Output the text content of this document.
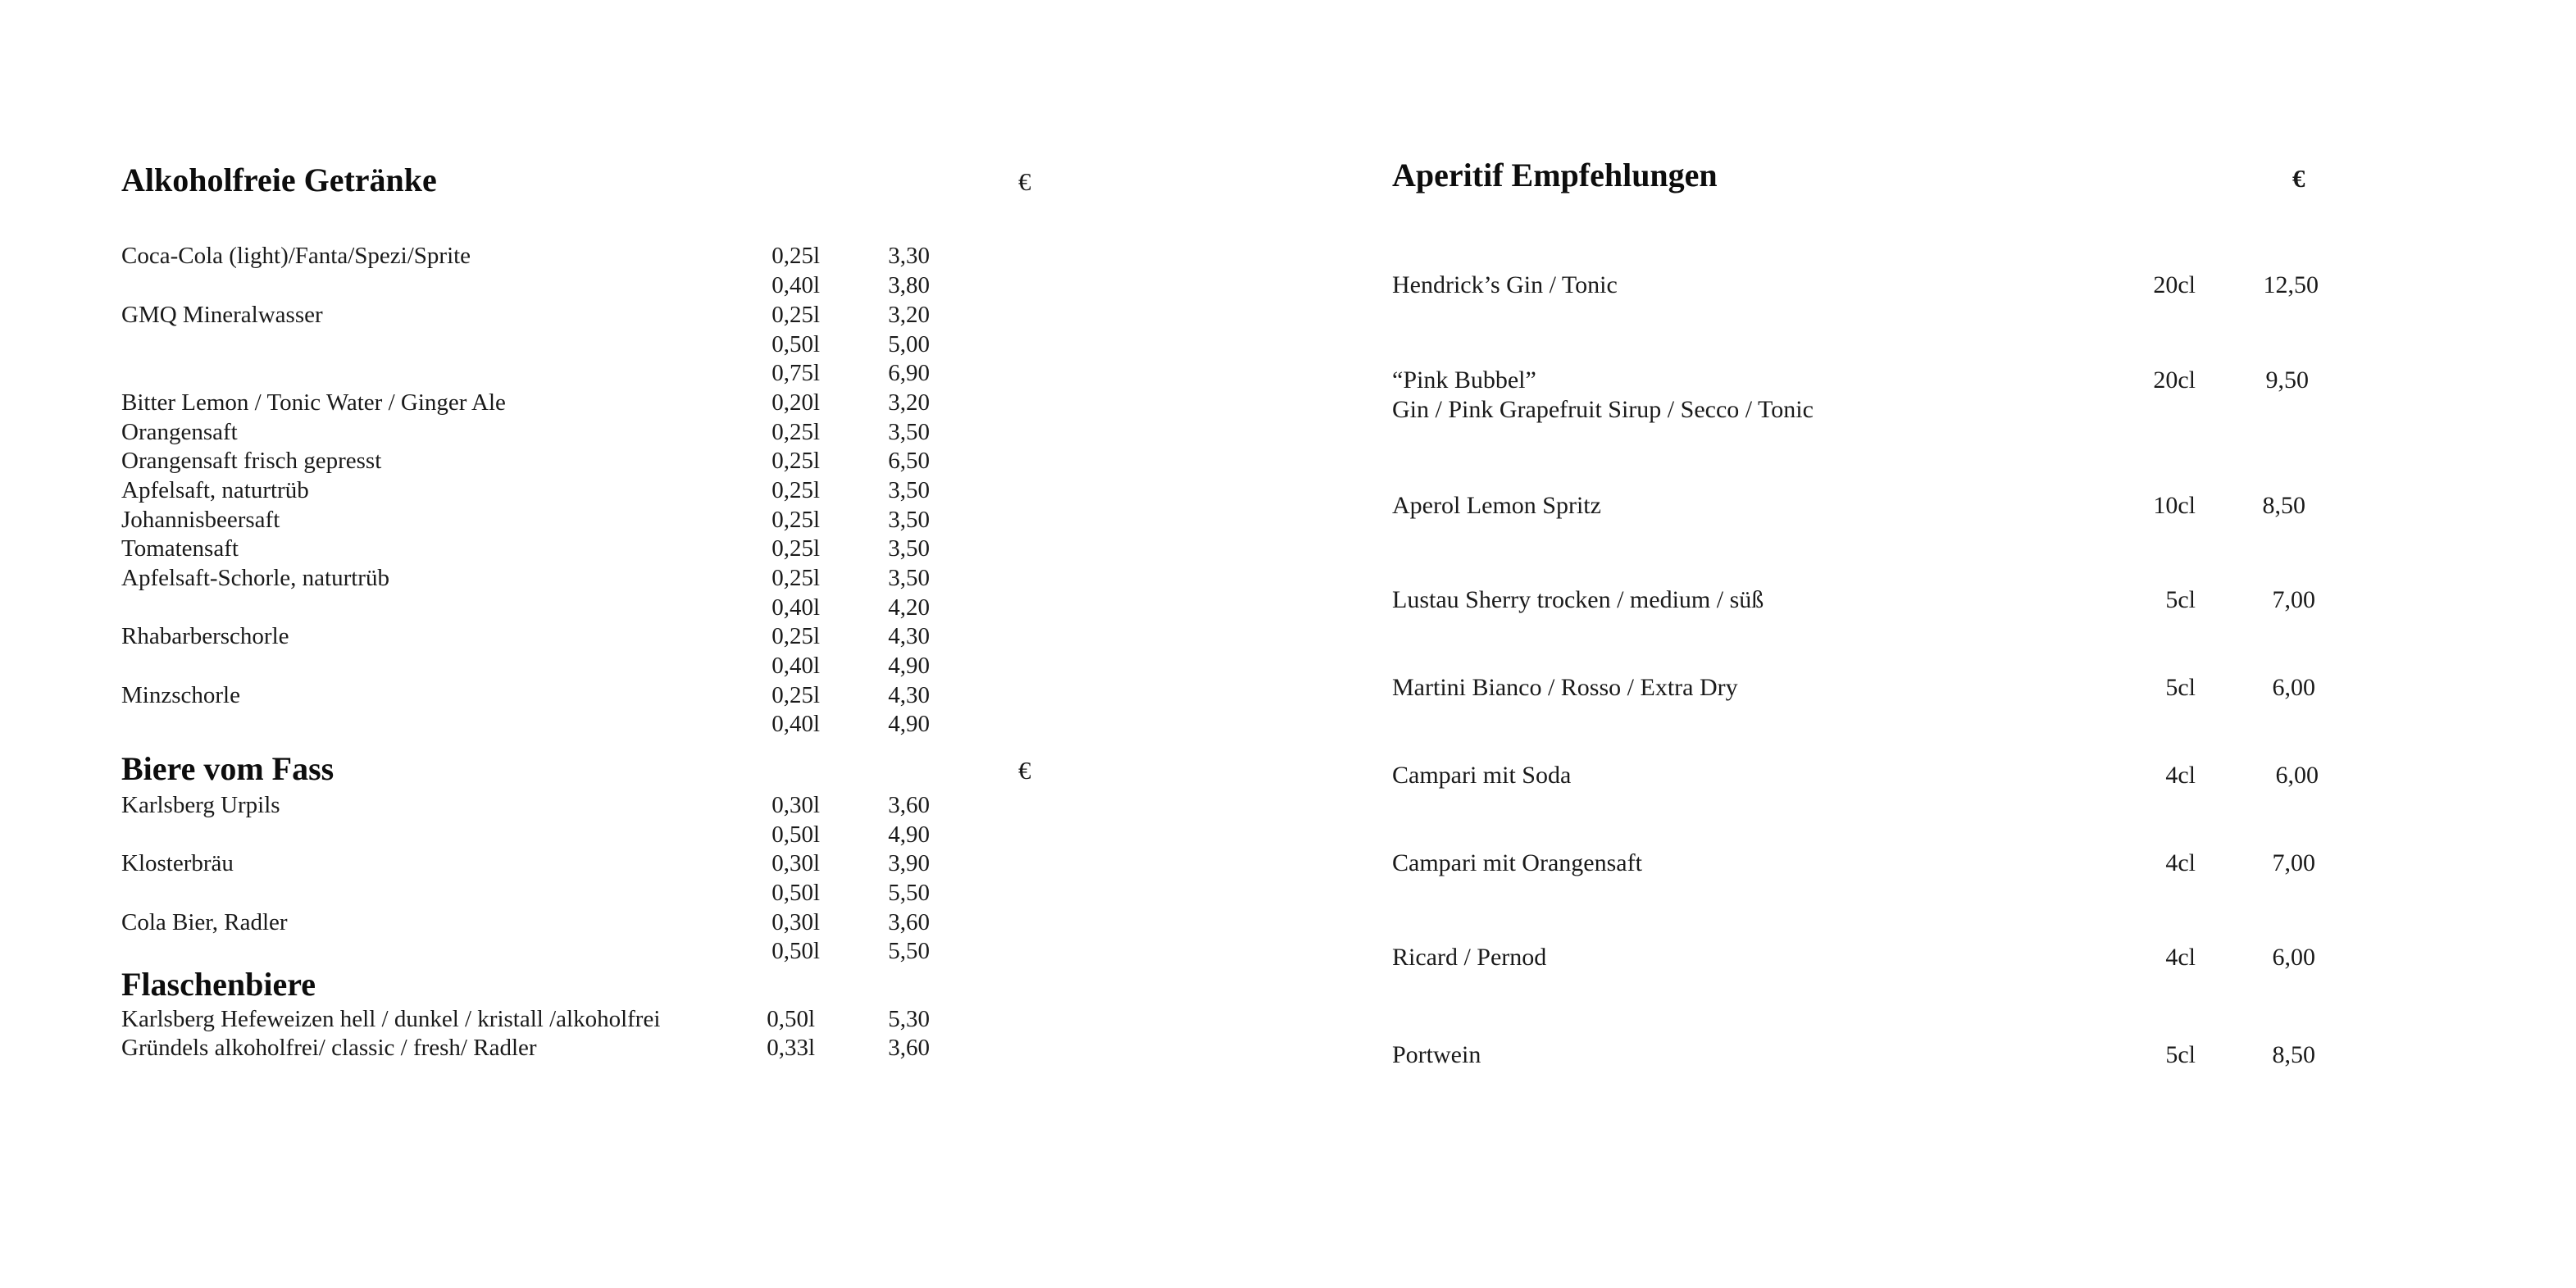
Alkoholfreie Getränke	€
Coca-Cola (light)/Fanta/Spezi/Sprite	0,25l	3,30
0,40l	3,80
GMQ Mineralwasser	0,25l	3,20
0,50l	5,00
0,75l	6,90
Bitter Lemon / Tonic Water / Ginger Ale	0,20l	3,20
Orangensaft	0,25l	3,50
Orangensaft frisch gepresst	0,25l	6,50
Apfelsaft, naturtrüb	0,25l	3,50
Johannisbeersaft	0,25l	3,50
Tomatensaft	0,25l	3,50
Apfelsaft-Schorle, naturtrüb	0,25l	3,50
0,40l	4,20
Rhabarberschorle	0,25l	4,30
0,40l	4,90
Minzschorle	0,25l	4,30
0,40l	4,90
Biere vom Fass	€
Karlsberg Urpils	0,30l	3,60
0,50l	4,90
Klosterbräu	0,30l	3,90
0,50l	5,50
Cola Bier, Radler	0,30l	3,60
0,50l	5,50
Flaschenbiere
Karlsberg Hefeweizen hell / dunkel / kristall /alkoholfrei	0,50l	5,30
Gründels alkoholfrei/ classic / fresh/ Radler	0,33l	3,60
Aperitif Empfehlungen	€
Hendrick’s Gin / Tonic	20cl	12,50
“Pink Bubbel”	20cl	9,50
Gin / Pink Grapefruit Sirup / Secco / Tonic
Aperol Lemon Spritz	10cl	8,50
Lustau Sherry trocken / medium / süß	5cl	7,00
Martini Bianco / Rosso / Extra Dry	5cl	6,00
Campari mit Soda	4cl	6,00
Campari mit Orangensaft	4cl	7,00
Ricard / Pernod	4cl	6,00
Portwein	5cl	8,50
